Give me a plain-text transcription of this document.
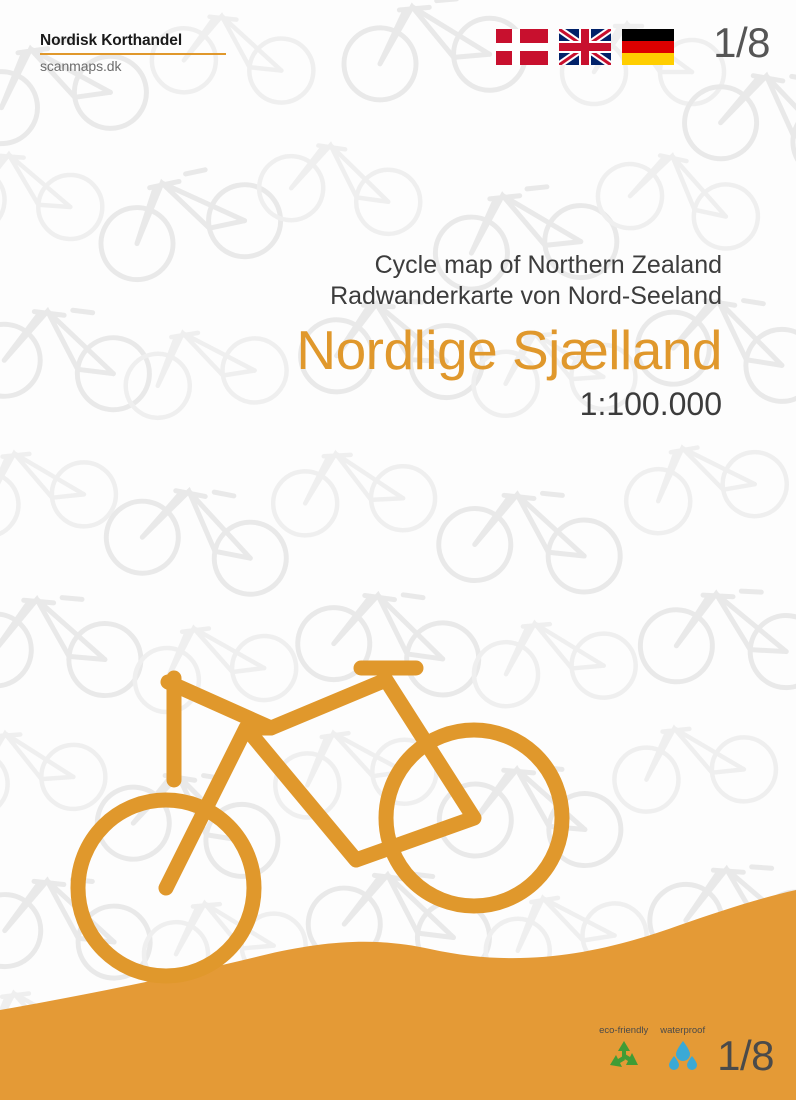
Nordisk Korthandel
scanmaps.dk	1/8
Cycle map of Northern Zealand
Radwanderkarte von Nord-Seeland
Nordlige Sjælland
1:100.000
eco-friendly waterproof
1/8
